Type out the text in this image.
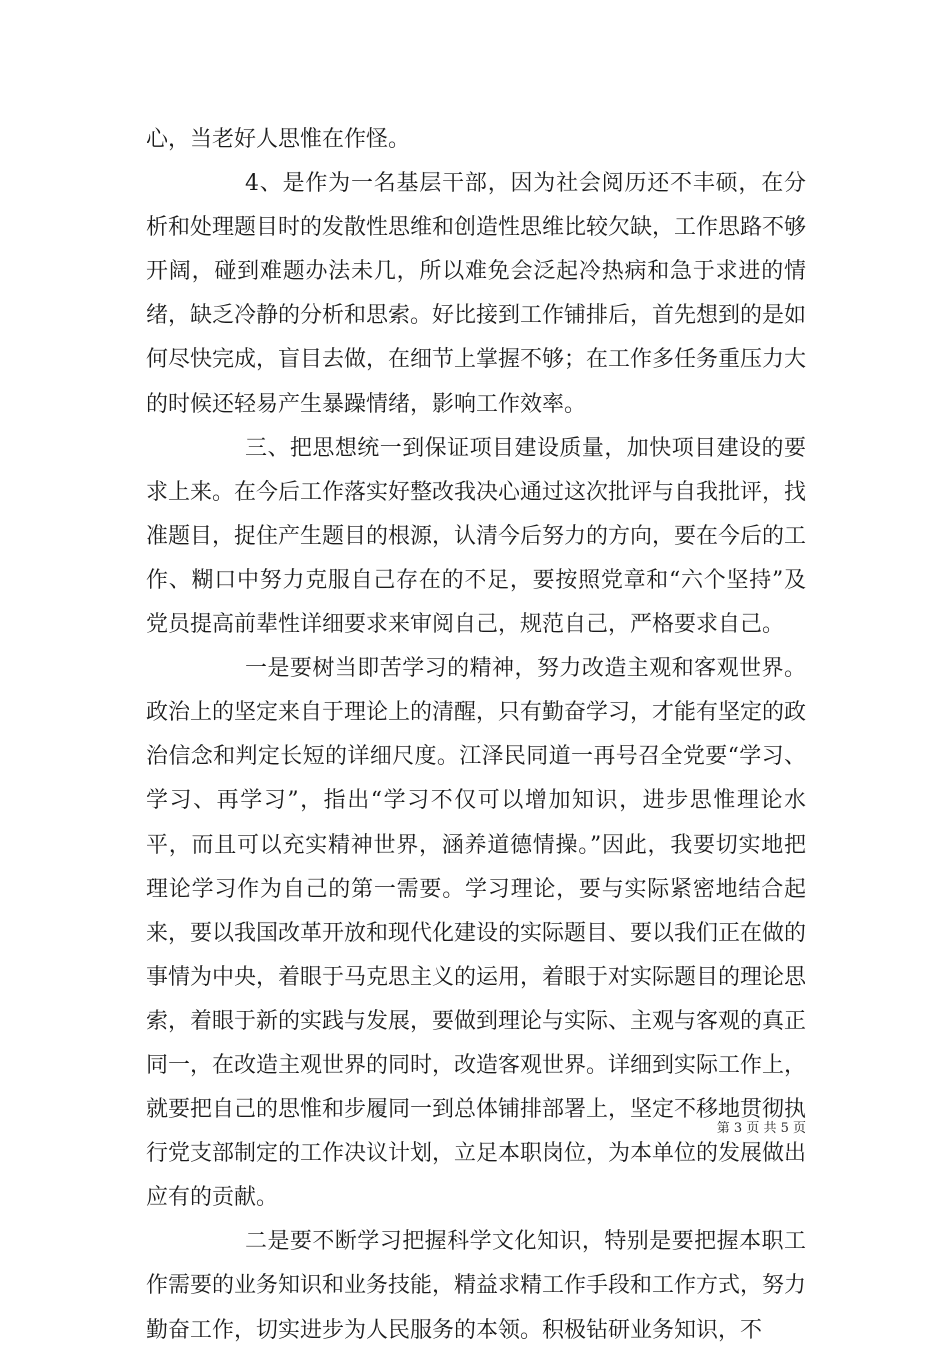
心，当老好人思惟在作怪。

4、是作为一名基层干部，因为社会阅历还不丰硕，在分析和处理题目时的发散性思维和创造性思维比较欠缺，工作思路不够开阔，碰到难题办法未几，所以难免会泛起冷热病和急于求进的情绪，缺乏冷静的分析和思索。好比接到工作铺排后，首先想到的是如何尽快完成，盲目去做，在细节上掌握不够；在工作多任务重压力大的时候还轻易产生暴躁情绪，影响工作效率。

三、把思想统一到保证项目建设质量，加快项目建设的要求上来。在今后工作落实好整改我决心通过这次批评与自我批评，找准题目，捉住产生题目的根源，认清今后努力的方向，要在今后的工作、糊口中努力克服自己存在的不足，要按照党章和“六个坚持”及党员提高前辈性详细要求来审阅自己，规范自己，严格要求自己。

一是要树当即苦学习的精神，努力改造主观和客观世界。政治上的坚定来自于理论上的清醒，只有勤奋学习，才能有坚定的政治信念和判定长短的详细尺度。江泽民同道一再号召全党要“学习、学习、再学习”，指出“学习不仅可以增加知识，进步思惟理论水平，而且可以充实精神世界，涵养道德情操。”因此，我要切实地把理论学习作为自己的第一需要。学习理论，要与实际紧密地结合起来，要以我国改革开放和现代化建设的实际题目、要以我们正在做的事情为中央，着眼于马克思主义的运用，着眼于对实际题目的理论思索，着眼于新的实践与发展，要做到理论与实际、主观与客观的真正同一，在改造主观世界的同时，改造客观世界。详细到实际工作上，就要把自己的思惟和步履同一到总体铺排部署上，坚定不移地贯彻执行党支部制定的工作决议计划，立足本职岗位，为本单位的发展做出应有的贡献。

二是要不断学习把握科学文化知识，特别是要把握本职工作需要的业务知识和业务技能，精益求精工作手段和工作方式，努力勤奋工作，切实进步为人民服务的本领。积极钻研业务知识，不

第 3 页 共 5 页
